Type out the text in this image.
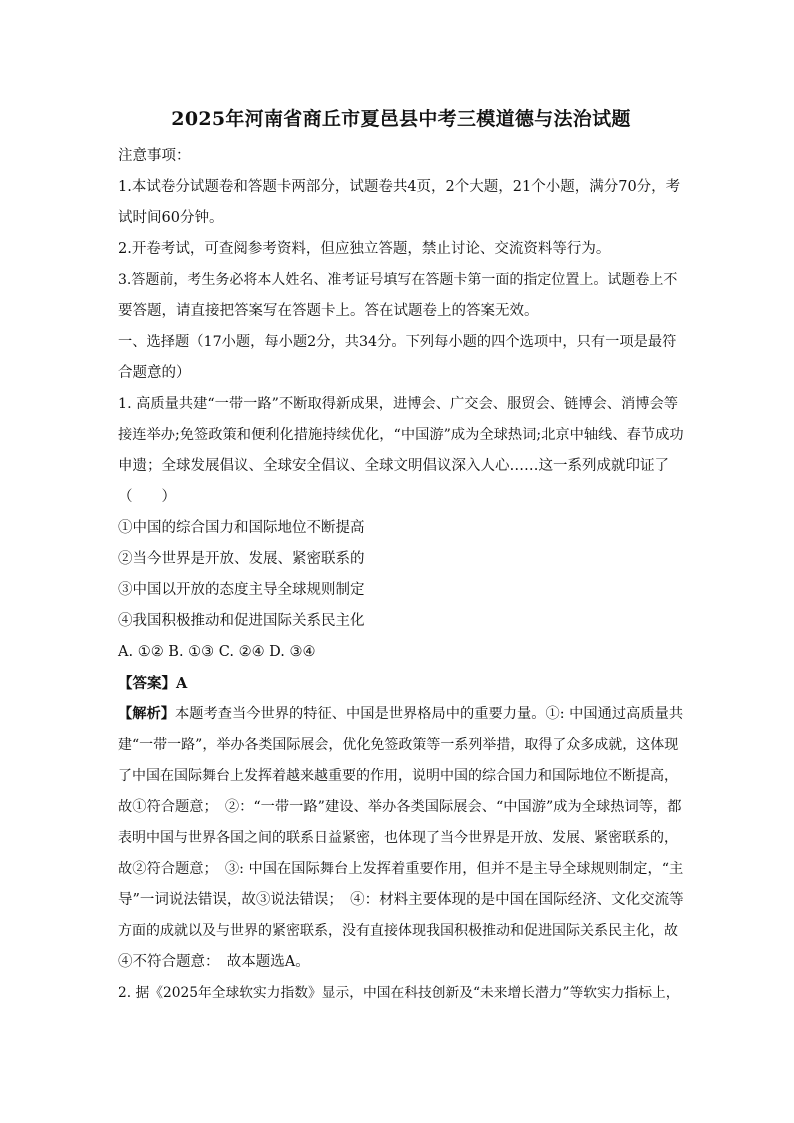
2025年河南省商丘市夏邑县中考三模道德与法治试题
注意事项：
1.本试卷分试题卷和答题卡两部分，试题卷共4页，2个大题，21个小题，满分70分，考
试时间60分钟。
2.开卷考试，可查阅参考资料，但应独立答题，禁止讨论、交流资料等行为。
3.答题前，考生务必将本人姓名、准考证号填写在答题卡第一面的指定位置上。试题卷上不
要答题，请直接把答案写在答题卡上。答在试题卷上的答案无效。
一、选择题（17小题，每小题2分，共34分。下列每小题的四个选项中，只有一项是最符
合题意的）
1. 高质量共建“一带一路”不断取得新成果，进博会、广交会、服贸会、链博会、消博会等
接连举办;免签政策和便利化措施持续优化，“中国游”成为全球热词;北京中轴线、春节成功
申遗；全球发展倡议、全球安全倡议、全球文明倡议深入人心……这一系列成就印证了
（　　）
①中国的综合国力和国际地位不断提高
②当今世界是开放、发展、紧密联系的
③中国以开放的态度主导全球规则制定
④我国积极推动和促进国际关系民主化
A. ①② B. ①③ C. ②④ D. ③④
【答案】A
【解析】本题考查当今世界的特征、中国是世界格局中的重要力量。①: 中国通过高质量共
建“一带一路”，举办各类国际展会，优化免签政策等一系列举措，取得了众多成就，这体现
了中国在国际舞台上发挥着越来越重要的作用，说明中国的综合国力和国际地位不断提高，
故①符合题意；　②：“一带一路”建设、举办各类国际展会、“中国游”成为全球热词等，都
表明中国与世界各国之间的联系日益紧密，也体现了当今世界是开放、发展、紧密联系的，
故②符合题意；　③: 中国在国际舞台上发挥着重要作用，但并不是主导全球规则制定，“主
导”一词说法错误，故③说法错误；　④：材料主要体现的是中国在国际经济、文化交流等
方面的成就以及与世界的紧密联系，没有直接体现我国积极推动和促进国际关系民主化，故
④不符合题意：　故本题选A。
2. 据《2025年全球软实力指数》显示，中国在科技创新及“未来增长潜力”等软实力指标上，
